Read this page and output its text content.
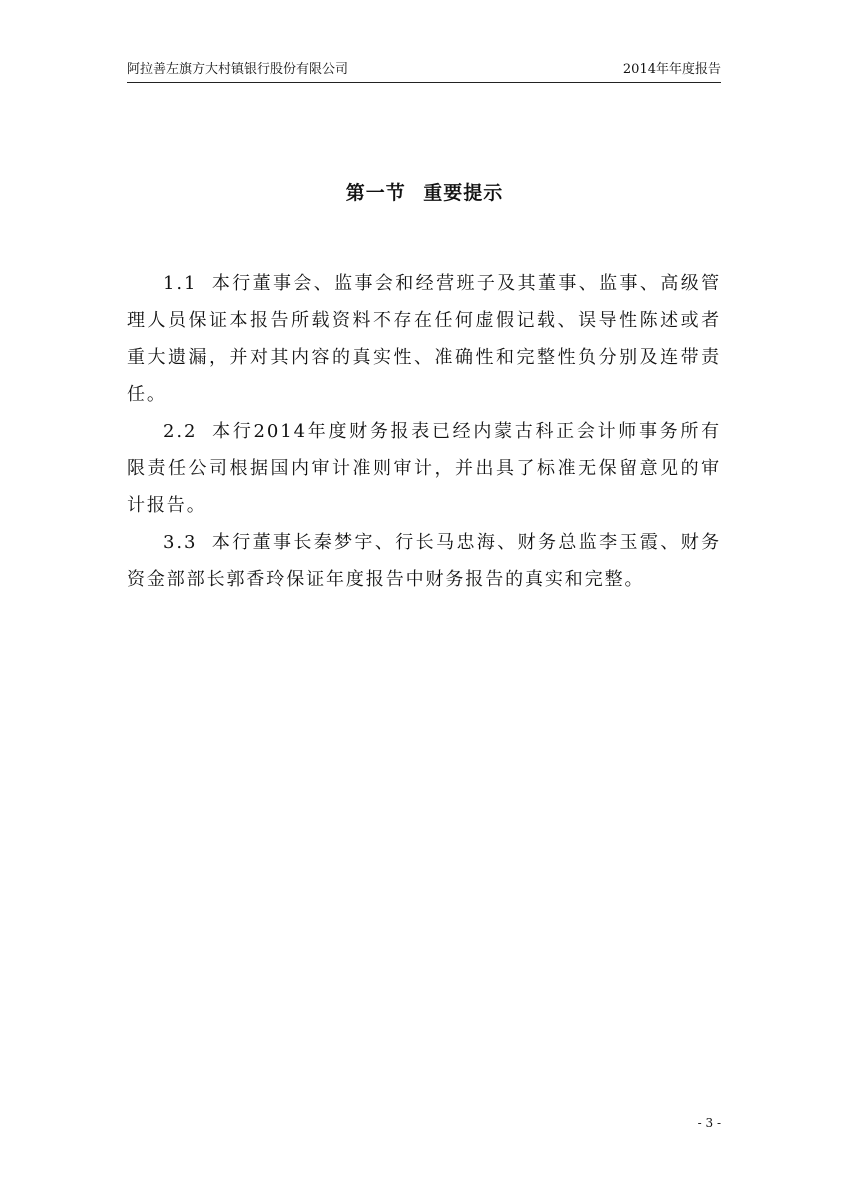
阿拉善左旗方大村镇银行股份有限公司	2014年年度报告
第一节 重要提示

1.1 本行董事会、监事会和经营班子及其董事、监事、高级管理人员保证本报告所载资料不存在任何虚假记载、误导性陈述或者重大遗漏，并对其内容的真实性、准确性和完整性负分别及连带责任。

2.2 本行2014年度财务报表已经内蒙古科正会计师事务所有限责任公司根据国内审计准则审计，并出具了标准无保留意见的审计报告。

3.3 本行董事长秦梦宇、行长马忠海、财务总监李玉霞、财务资金部部长郭香玲保证年度报告中财务报告的真实和完整。

- 3 -
